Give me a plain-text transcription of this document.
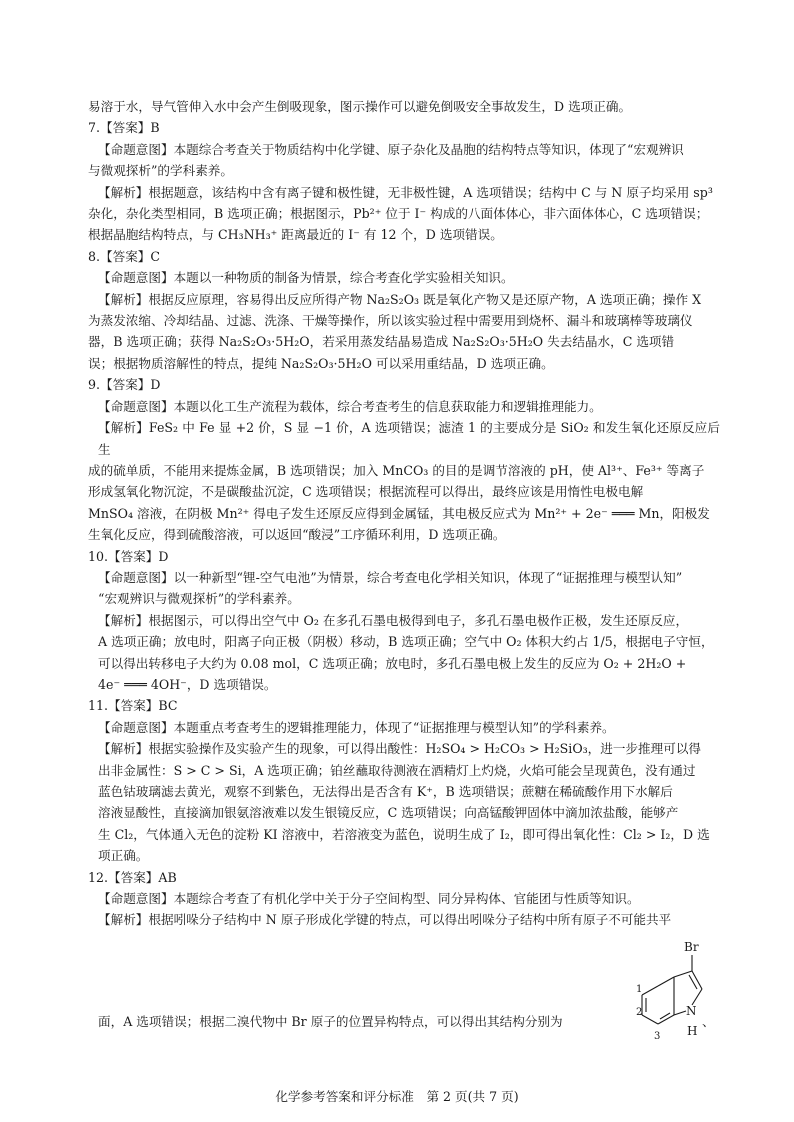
易溶于水，导气管伸入水中会产生倒吸现象，图示操作可以避免倒吸安全事故发生，D 选项正确。
7.【答案】B
【命题意图】本题综合考查关于物质结构中化学键、原子杂化及晶胞的结构特点等知识，体现了“宏观辨识
与微观探析”的学科素养。
【解析】根据题意，该结构中含有离子键和极性键，无非极性键，A 选项错误；结构中 C 与 N 原子均采用 sp³
杂化，杂化类型相同，B 选项正确；根据图示，Pb²⁺ 位于 I⁻ 构成的八面体体心，非六面体体心，C 选项错误；
根据晶胞结构特点，与 CH₃NH₃⁺ 距离最近的 I⁻ 有 12 个，D 选项错误。
8.【答案】C
【命题意图】本题以一种物质的制备为情景，综合考查化学实验相关知识。
【解析】根据反应原理，容易得出反应所得产物 Na₂S₂O₃ 既是氧化产物又是还原产物，A 选项正确；操作 X
为蒸发浓缩、冷却结晶、过滤、洗涤、干燥等操作，所以该实验过程中需要用到烧杯、漏斗和玻璃棒等玻璃仪
器，B 选项正确；获得 Na₂S₂O₃·5H₂O，若采用蒸发结晶易造成 Na₂S₂O₃·5H₂O 失去结晶水，C 选项错
误；根据物质溶解性的特点，提纯 Na₂S₂O₃·5H₂O 可以采用重结晶，D 选项正确。
9.【答案】D
【命题意图】本题以化工生产流程为载体，综合考查考生的信息获取能力和逻辑推理能力。
【解析】FeS₂ 中 Fe 显 +2 价，S 显 −1 价，A 选项错误；滤渣 1 的主要成分是 SiO₂ 和发生氧化还原反应后生
成的硫单质，不能用来提炼金属，B 选项错误；加入 MnCO₃ 的目的是调节溶液的 pH，使 Al³⁺、Fe³⁺ 等离子
形成氢氧化物沉淀，不是碳酸盐沉淀，C 选项错误；根据流程可以得出，最终应该是用惰性电极电解
MnSO₄ 溶液，在阴极 Mn²⁺ 得电子发生还原反应得到金属锰，其电极反应式为 Mn²⁺ + 2e⁻ ═══ Mn，阳极发
生氧化反应，得到硫酸溶液，可以返回“酸浸”工序循环利用，D 选项正确。
10.【答案】D
【命题意图】以一种新型“锂-空气电池”为情景，综合考查电化学相关知识，体现了“证据推理与模型认知”
“宏观辨识与微观探析”的学科素养。
【解析】根据图示，可以得出空气中 O₂ 在多孔石墨电极得到电子，多孔石墨电极作正极，发生还原反应，
A 选项正确；放电时，阳离子向正极（阴极）移动，B 选项正确；空气中 O₂ 体积大约占 1/5，根据电子守恒，
可以得出转移电子大约为 0.08 mol，C 选项正确；放电时，多孔石墨电极上发生的反应为 O₂ + 2H₂O +
4e⁻ ═══ 4OH⁻，D 选项错误。
11.【答案】BC
【命题意图】本题重点考查考生的逻辑推理能力，体现了“证据推理与模型认知”的学科素养。
【解析】根据实验操作及实验产生的现象，可以得出酸性：H₂SO₄ > H₂CO₃ > H₂SiO₃，进一步推理可以得
出非金属性：S > C > Si，A 选项正确；铂丝蘸取待测液在酒精灯上灼烧，火焰可能会呈现黄色，没有通过
蓝色钴玻璃滤去黄光，观察不到紫色，无法得出是否含有 K⁺，B 选项错误；蔗糖在稀硫酸作用下水解后
溶液显酸性，直接滴加银氨溶液难以发生银镜反应，C 选项错误；向高锰酸钾固体中滴加浓盐酸，能够产
生 Cl₂，气体通入无色的淀粉 KI 溶液中，若溶液变为蓝色，说明生成了 I₂，即可得出氧化性：Cl₂ > I₂，D 选
项正确。
12.【答案】AB
【命题意图】本题综合考查了有机化学中关于分子空间构型、同分异构体、官能团与性质等知识。
【解析】根据吲哚分子结构中 N 原子形成化学键的特点，可以得出吲哚分子结构中所有原子不可能共平
面，A 选项错误；根据二溴代物中 Br 原子的位置异构特点，可以得出其结构分别为
Br
N
H
1
2
3
、
化学参考答案和评分标准　第 2 页(共 7 页)
